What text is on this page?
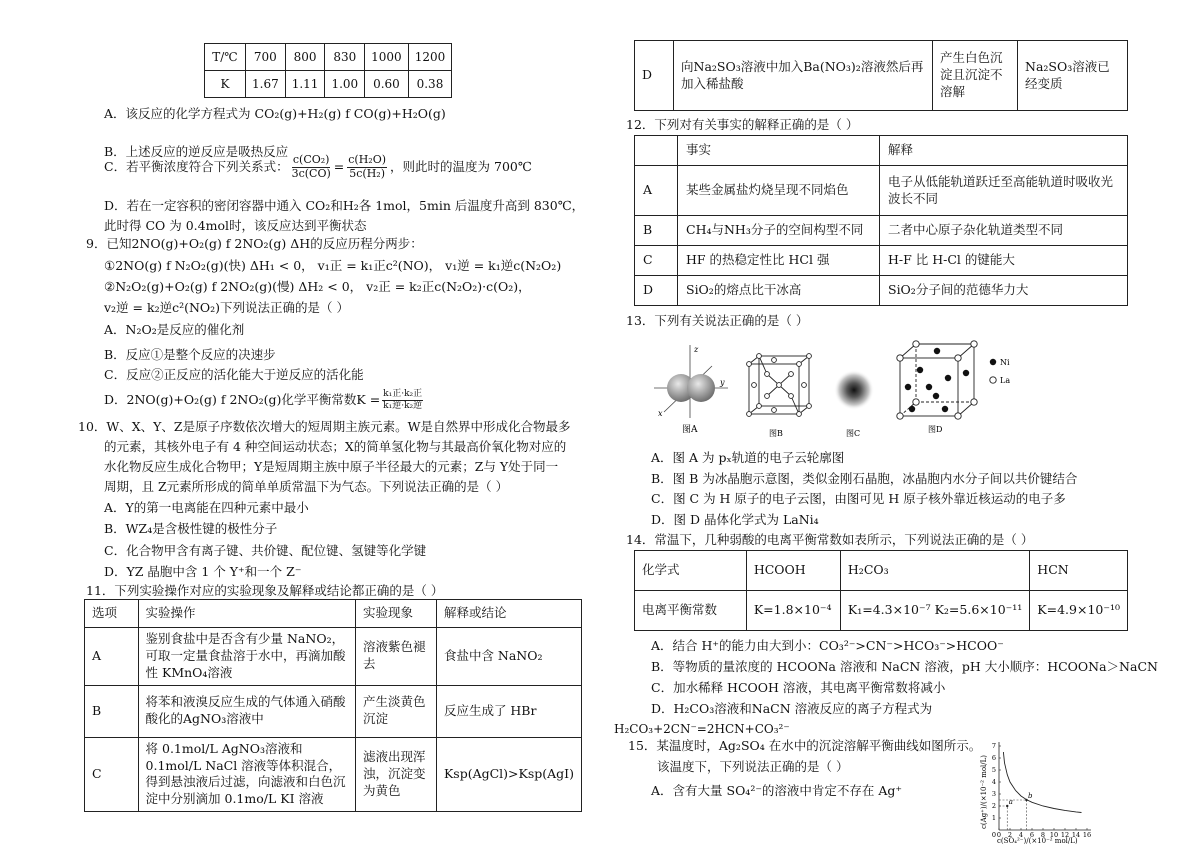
T/℃	700	800	830	1000	1200
K	1.67	1.11	1.00	0.60	0.38
A．该反应的化学方程式为 CO₂(g)+H₂(g) f CO(g)+H₂O(g)
B．上述反应的逆反应是吸热反应
C．若平衡浓度符合下列关系式： $\frac{\text{c(CO₂)}}{3c(CO)} = \frac{\text{c(H₂O)}}{\text{5c(H₂)}}$ ，则此时的温度为 700℃
D．若在一定容积的密闭容器中通入 CO₂和H₂各 1mol，5min 后温度升高到 830℃，
此时得 CO 为 0.4mol时，该反应达到平衡状态
9．已知2NO(g)+O₂(g) f 2NO₂(g) ΔH的反应历程分两步：
①2NO(g) f N₂O₂(g)(快) ΔH₁ < 0， v₁正 = k₁正c²(NO)， v₁逆 = k₁逆c(N₂O₂)
②N₂O₂(g)+O₂(g) f 2NO₂(g)(慢) ΔH₂ < 0， v₂正 = k₂正c(N₂O₂)·c(O₂)，
v₂逆 = k₂逆c²(NO₂)下列说法正确的是（ ）
A．N₂O₂是反应的催化剂
B．反应①是整个反应的决速步
C．反应②正反应的活化能大于逆反应的活化能
D．2NO(g)+O₂(g) f 2NO₂(g)化学平衡常数K = k₁正·k₂正
k₁逆·k₂逆
10．W、X、Y、Z是原子序数依次增大的短周期主族元素。W是自然界中形成化合物最多
的元素，其核外电子有 4 种空间运动状态；X的简单氢化物与其最高价氧化物对应的
水化物反应生成化合物甲；Y是短周期主族中原子半径最大的元素；Z与 Y处于同一
周期，且 Z元素所形成的简单单质常温下为气态。下列说法正确的是（ ）
A．Y的第一电离能在四种元素中最小
B．WZ₄是含极性键的极性分子
C．化合物甲含有离子键、共价键、配位键、氢键等化学键
D．YZ 晶胞中含 1 个 Y⁺和一个 Z⁻
11．下列实验操作对应的实验现象及解释或结论都正确的是（ ）
选项	实验操作	实验现象	解释或结论
A	鉴别食盐中是否含有少量 NaNO₂，可取一定量食盐溶于水中，再滴加酸性 KMnO₄溶液	溶液紫色褪去	食盐中含 NaNO₂
B	将苯和液溴反应生成的气体通入硝酸酸化的AgNO₃溶液中	产生淡黄色沉淀	反应生成了 HBr
C	将 0.1mol/L AgNO₃溶液和 0.1mol/L NaCl 溶液等体积混合，得到悬浊液后过滤，向滤液和白色沉淀中分别滴加 0.1mo/L KI 溶液	滤液出现浑浊，沉淀变为黄色	Ksp(AgCl)>Ksp(AgI)
D	向Na₂SO₃溶液中加入Ba(NO₃)₂溶液然后再加入稀盐酸	产生白色沉淀且沉淀不溶解	Na₂SO₃溶液已经变质
12．下列对有关事实的解释正确的是（ ）
	事实	解释
A	某些金属盐灼烧呈现不同焰色	电子从低能轨道跃迁至高能轨道时吸收光波长不同
B	CH₄与NH₃分子的空间构型不同	二者中心原子杂化轨道类型不同
C	HF 的热稳定性比 HCl 强	H-F 比 H-Cl 的键能大
D	SiO₂的熔点比干冰高	SiO₂分子间的范德华力大
13．下列有关说法正确的是（ ）
z
y
x
图A	图B	图C
Ni
La
图D
A．图 A 为 pₓ轨道的电子云轮廓图
B．图 B 为冰晶胞示意图，类似金刚石晶胞，冰晶胞内水分子间以共价键结合
C．图 C 为 H 原子的电子云图，由图可见 H 原子核外靠近核运动的电子多
D．图 D 晶体化学式为 LaNi₄
14．常温下，几种弱酸的电离平衡常数如表所示，下列说法正确的是（ ）
化学式	HCOOH	H₂CO₃	HCN
电离平衡常数	K=1.8×10⁻⁴	K₁=4.3×10⁻⁷ K₂=5.6×10⁻¹¹	K=4.9×10⁻¹⁰
A．结合 H⁺的能力由大到小：CO₃²⁻>CN⁻>HCO₃⁻>HCOO⁻
B．等物质的量浓度的 HCOONa 溶液和 NaCN 溶液，pH 大小顺序：HCOONa＞NaCN
C．加水稀释 HCOOH 溶液，其电离平衡常数将减小
D．H₂CO₃溶液和NaCN 溶液反应的离子方程式为
H₂CO₃+2CN⁻=2HCN+CO₃²⁻
15．某温度时，Ag₂SO₄ 在水中的沉淀溶解平衡曲线如图所示。
该温度下，下列说法正确的是（ ）
A．含有大量 SO₄²⁻的溶液中肯定不存在 Ag⁺	c(Ag⁺)/(×10⁻² mol/L)
c(SO₄²⁻)/(×10⁻² mol/L)
0 2 4 6 8 10 12 14 16
1
2
3
4
5
6
7
0
a
b
